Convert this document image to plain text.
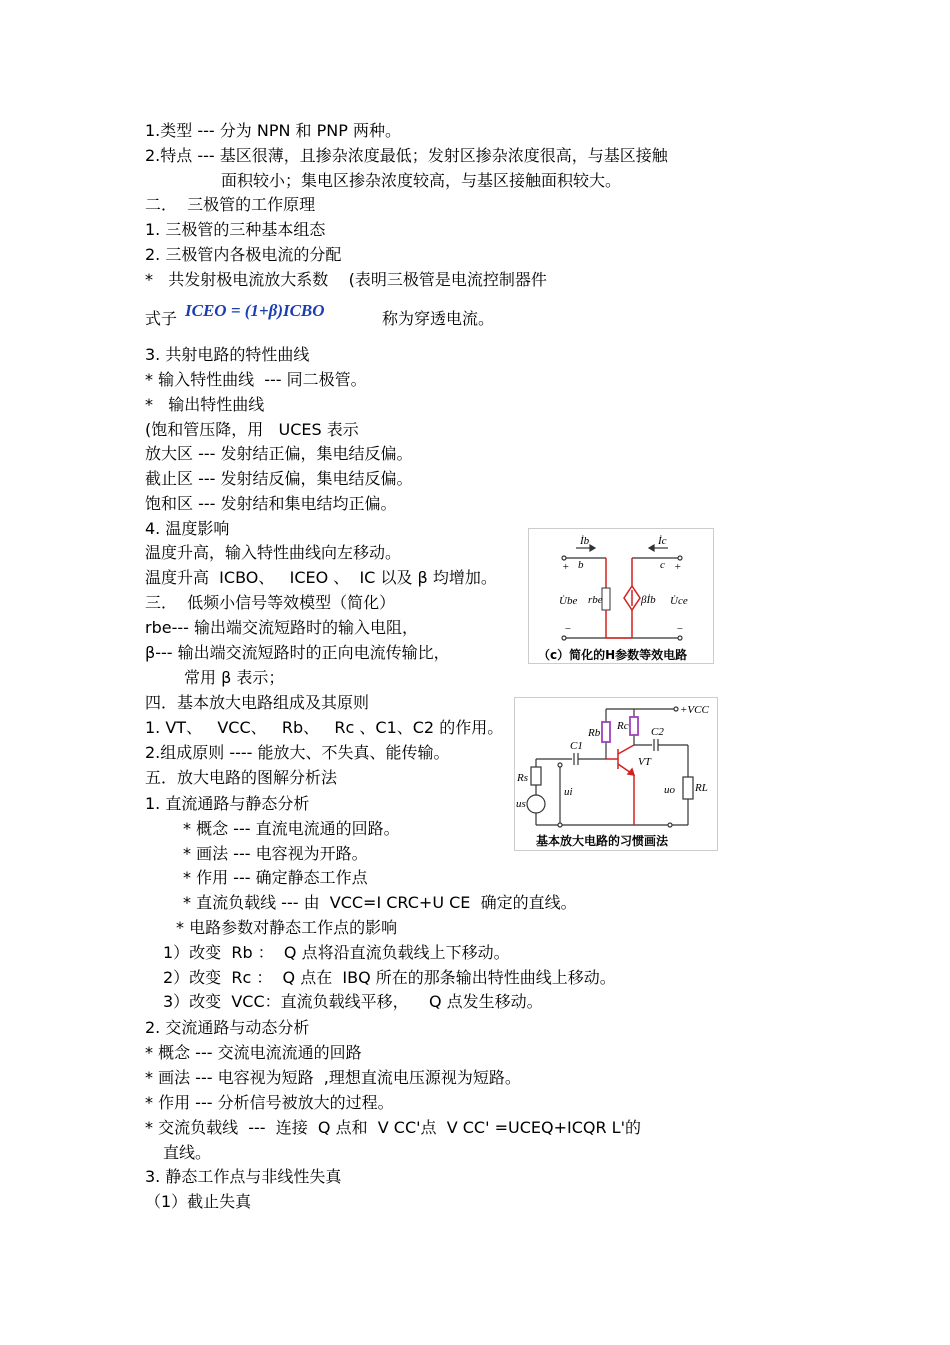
1.类型 --- 分为 NPN 和 PNP 两种。
2.特点 --- 基区很薄，且掺杂浓度最低；发射区掺杂浓度很高，与基区接触
面积较小；集电区掺杂浓度较高，与基区接触面积较大。
二．  三极管的工作原理
1. 三极管的三种基本组态
2. 三极管内各极电流的分配
*   共发射极电流放大系数    (表明三极管是电流控制器件
式子 ICEO = (1+β)ICBO	称为穿透电流。
3. 共射电路的特性曲线
* 输入特性曲线  --- 同二极管。
*   输出特性曲线
(饱和管压降，用   UCES 表示
放大区 --- 发射结正偏，集电结反偏。
截止区 --- 发射结反偏，集电结反偏。
饱和区 --- 发射结和集电结均正偏。
4. 温度影响
温度升高，输入特性曲线向左移动。
温度升高  ICBO、   ICEO 、  IC 以及 β 均增加。
三．  低频小信号等效模型（简化）
rbe--- 输出端交流短路时的输入电阻，
β--- 输出端交流短路时的正向电流传输比，
常用 β 表示；
四．基本放大电路组成及其原则
1. VT、   VCC、   Rb、   Rc 、C1、C2 的作用。
2.组成原则 ---- 能放大、不失真、能传输。
五．放大电路的图解分析法
1. 直流通路与静态分析
* 概念 --- 直流电流通的回路。
* 画法 --- 电容视为开路。
* 作用 --- 确定静态工作点
* 直流负载线 --- 由  VCC=I CRC+U CE  确定的直线。
* 电路参数对静态工作点的影响
1）改变  Rb ：  Q 点将沿直流负载线上下移动。
2）改变  Rc ：  Q 点在  IBQ 所在的那条输出特性曲线上移动。
3）改变  VCC：直流负载线平移，    Q 点发生移动。
2. 交流通路与动态分析
* 概念 --- 交流电流流通的回路
* 画法 --- 电容视为短路  ,理想直流电压源视为短路。
* 作用 --- 分析信号被放大的过程。
* 交流负载线  ---  连接  Q 点和  V CC'点  V CC' =UCEQ+ICQR L'的
直线。
3. 静态工作点与非线性失真
（1）截止失真
İb
b
İc
c
U̇be rbe	βİb U̇ce
+	+
−	−
（c）简化的H参数等效电路
+VCC
Rb
Rc C2
C1
VT
Rs
us
ui	uo RL
基本放大电路的习惯画法
